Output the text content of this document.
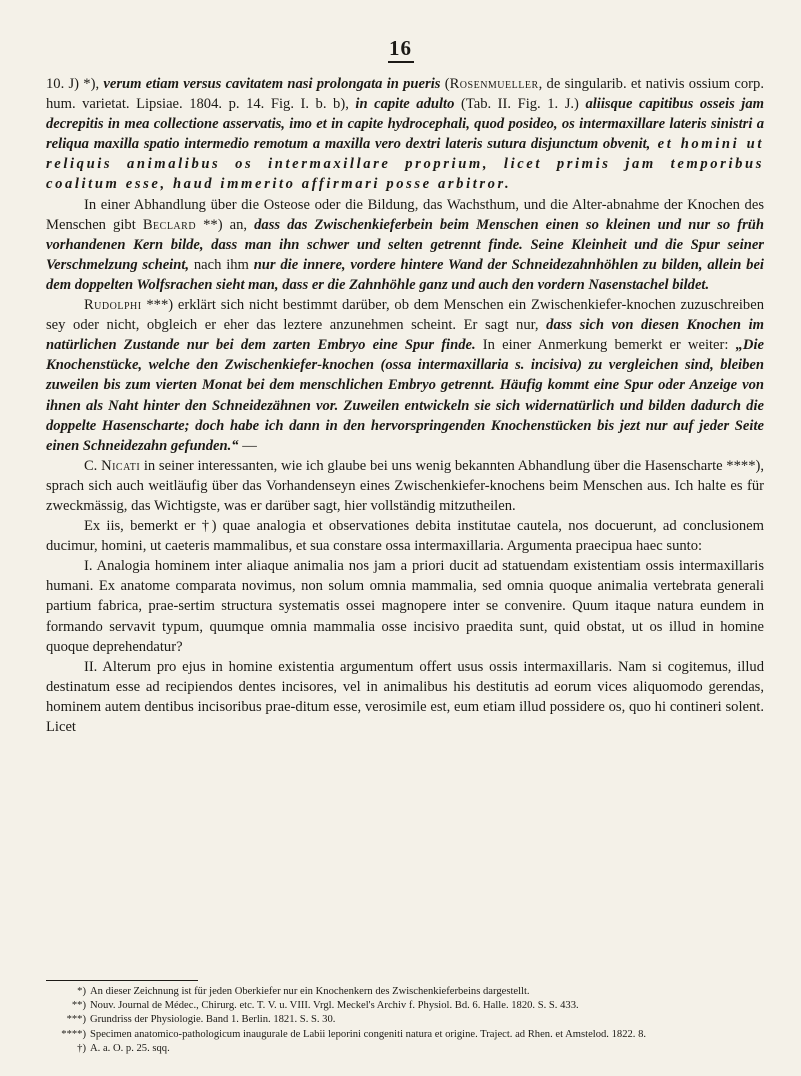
16

10. J) *), verum etiam versus cavitatem nasi prolongata in pueris (Rosenmueller, de singularib. et nativis ossium corp. hum. varietat. Lipsiae. 1804. p. 14. Fig. I. b. b), in capite adulto (Tab. II. Fig. 1. J.) aliisque capitibus osseis jam decrepitis in mea collectione asservatis, imo et in capite hydrocephali, quod posideo, os intermaxillare lateris sinistri a reliqua maxilla spatio intermedio remotum a maxilla vero dextri lateris sutura disjunctum obvenit, et homini ut reliquis animalibus os intermaxillare proprium, licet primis jam temporibus coalitum esse, haud immerito affirmari posse arbitror.

In einer Abhandlung über die Osteose oder die Bildung, das Wachsthum, und die Alter-abnahme der Knochen des Menschen gibt Beclard **) an, dass das Zwischenkieferbein beim Menschen einen so kleinen und nur so früh vorhandenen Kern bilde, dass man ihn schwer und selten getrennt finde. Seine Kleinheit und die Spur seiner Verschmelzung scheint, nach ihm nur die innere, vordere hintere Wand der Schneidezahnhöhlen zu bilden, allein bei dem doppelten Wolfsrachen sieht man, dass er die Zahnhöhle ganz und auch den vordern Nasenstachel bildet.

Rudolphi ***) erklärt sich nicht bestimmt darüber, ob dem Menschen ein Zwischenkiefer-knochen zuzuschreiben sey oder nicht, obgleich er eher das leztere anzunehmen scheint. Er sagt nur, dass sich von diesen Knochen im natürlichen Zustande nur bei dem zarten Embryo eine Spur finde. In einer Anmerkung bemerkt er weiter: „Die Knochenstücke, welche den Zwischenkiefer-knochen (ossa intermaxillaria s. incisiva) zu vergleichen sind, bleiben zuweilen bis zum vierten Monat bei dem menschlichen Embryo getrennt. Häufig kommt eine Spur oder Anzeige von ihnen als Naht hinter den Schneidezähnen vor. Zuweilen entwickeln sie sich widernatürlich und bilden dadurch die doppelte Hasenscharte; doch habe ich dann in den hervorspringenden Knochenstücken bis jezt nur auf jeder Seite einen Schneidezahn gefunden.“ —

C. Nicati in seiner interessanten, wie ich glaube bei uns wenig bekannten Abhandlung über die Hasenscharte ****), sprach sich auch weitläufig über das Vorhandenseyn eines Zwischenkiefer-knochens beim Menschen aus. Ich halte es für zweckmässig, das Wichtigste, was er darüber sagt, hier vollständig mitzutheilen.

Ex iis, bemerkt er †) quae analogia et observationes debita institutae cautela, nos docuerunt, ad conclusionem ducimur, homini, ut caeteris mammalibus, et sua constare ossa intermaxillaria. Argumenta praecipua haec sunto:

I. Analogia hominem inter aliaque animalia nos jam a priori ducit ad statuendam existentiam ossis intermaxillaris humani. Ex anatome comparata novimus, non solum omnia mammalia, sed omnia quoque animalia vertebrata generali partium fabrica, prae-sertim structura systematis ossei magnopere inter se convenire. Quum itaque natura eundem in formando servavit typum, quumque omnia mammalia osse incisivo praedita sunt, quid obstat, ut os illud in homine quoque deprehendatur?

II. Alterum pro ejus in homine existentia argumentum offert usus ossis intermaxillaris. Nam si cogitemus, illud destinatum esse ad recipiendos dentes incisores, vel in animalibus his destitutis ad eorum vices aliquomodo gerendas, hominem autem dentibus incisoribus prae-ditum esse, verosimile est, eum etiam illud possidere os, quo hi contineri solent. Licet

*) An dieser Zeichnung ist für jeden Oberkiefer nur ein Knochenkern des Zwischenkieferbeins dargestellt.

**) Nouv. Journal de Médec., Chirurg. etc. T. V. u. VIII. Vrgl. Meckel's Archiv f. Physiol. Bd. 6. Halle. 1820. S. S. 433.

***) Grundriss der Physiologie. Band 1. Berlin. 1821. S. S. 30.

****) Specimen anatomico-pathologicum inaugurale de Labii leporini congeniti natura et origine. Traject. ad Rhen. et Amstelod. 1822. 8.

†) A. a. O. p. 25. sqq.
